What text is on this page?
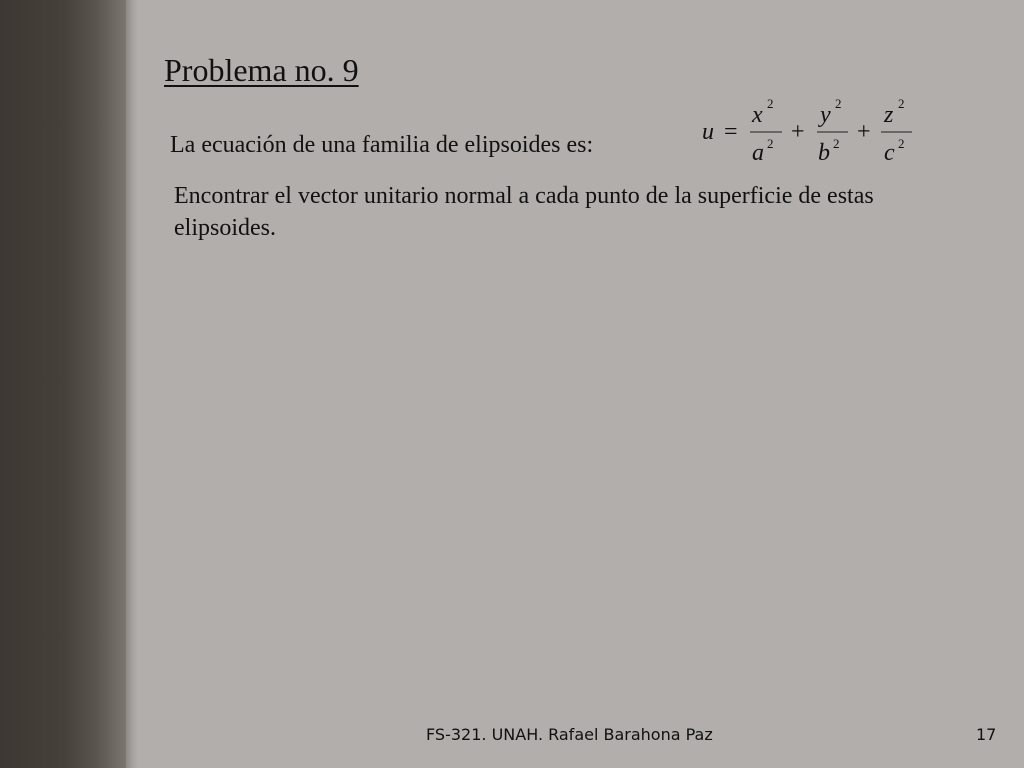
Problema no. 9
La ecuación de una familia de elipsoides es:	u =
x 2
a 2 +
y 2
b 2 +
z 2
c 2
Encontrar el vector unitario normal a cada punto de la superficie de estas elipsoides.
FS-321. UNAH. Rafael Barahona Paz	17
